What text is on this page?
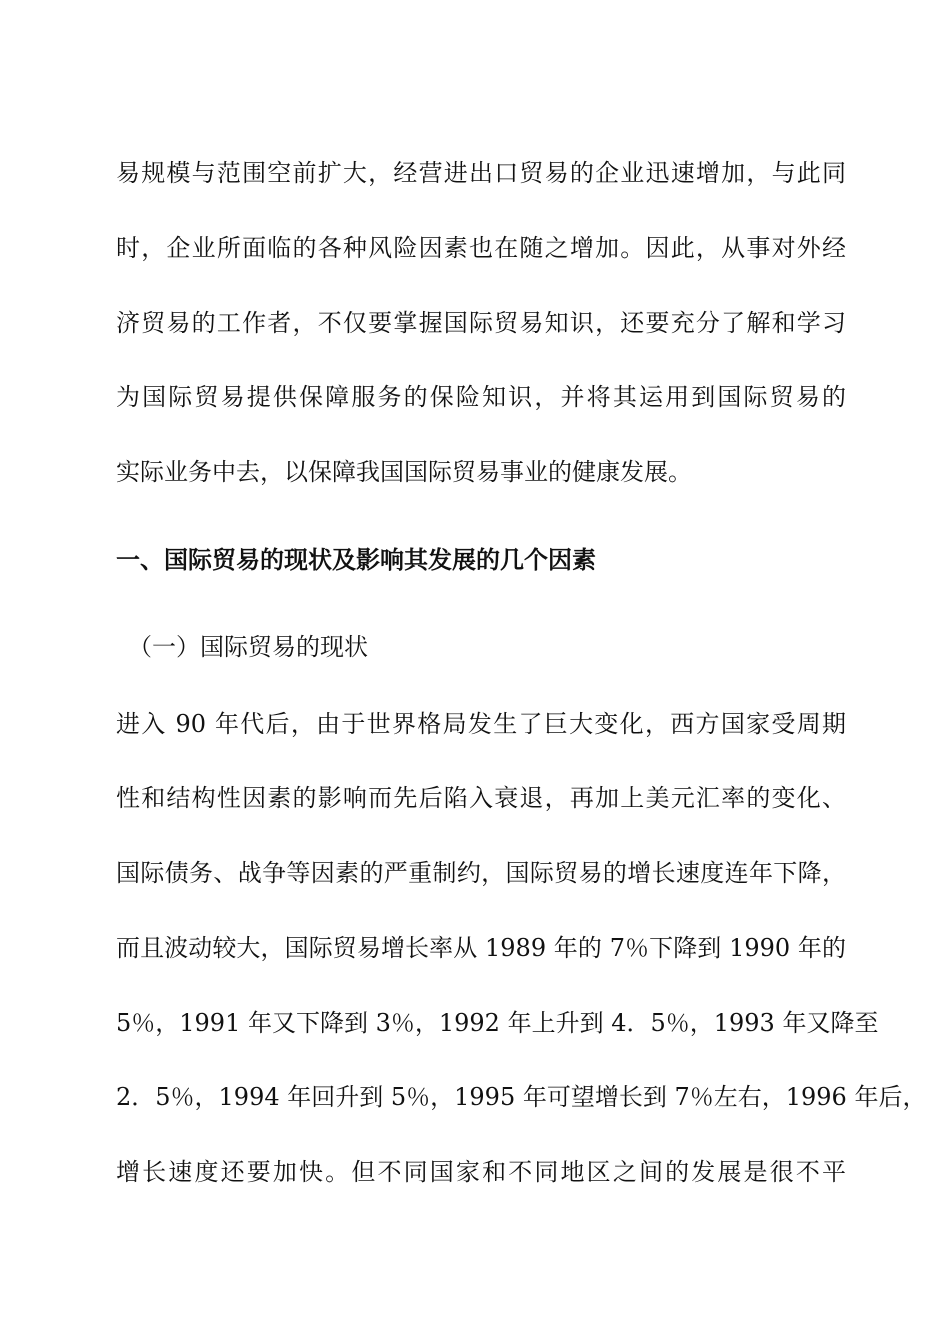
易规模与范围空前扩大，经营进出口贸易的企业迅速增加，与此同
时，企业所面临的各种风险因素也在随之增加。因此，从事对外经
济贸易的工作者，不仅要掌握国际贸易知识，还要充分了解和学习
为国际贸易提供保障服务的保险知识，并将其运用到国际贸易的
实际业务中去，以保障我国国际贸易事业的健康发展。
一、国际贸易的现状及影响其发展的几个因素
（一）国际贸易的现状
进入 90 年代后，由于世界格局发生了巨大变化，西方国家受周期
性和结构性因素的影响而先后陷入衰退，再加上美元汇率的变化、
国际债务、战争等因素的严重制约，国际贸易的增长速度连年下降，
而且波动较大，国际贸易增长率从 1989 年的 7％下降到 1990 年的
5％，1991 年又下降到 3％，1992 年上升到 4．5％，1993 年又降至
2．5％，1994 年回升到 5％，1995 年可望增长到 7％左右，1996 年后，
增长速度还要加快。但不同国家和不同地区之间的发展是很不平
